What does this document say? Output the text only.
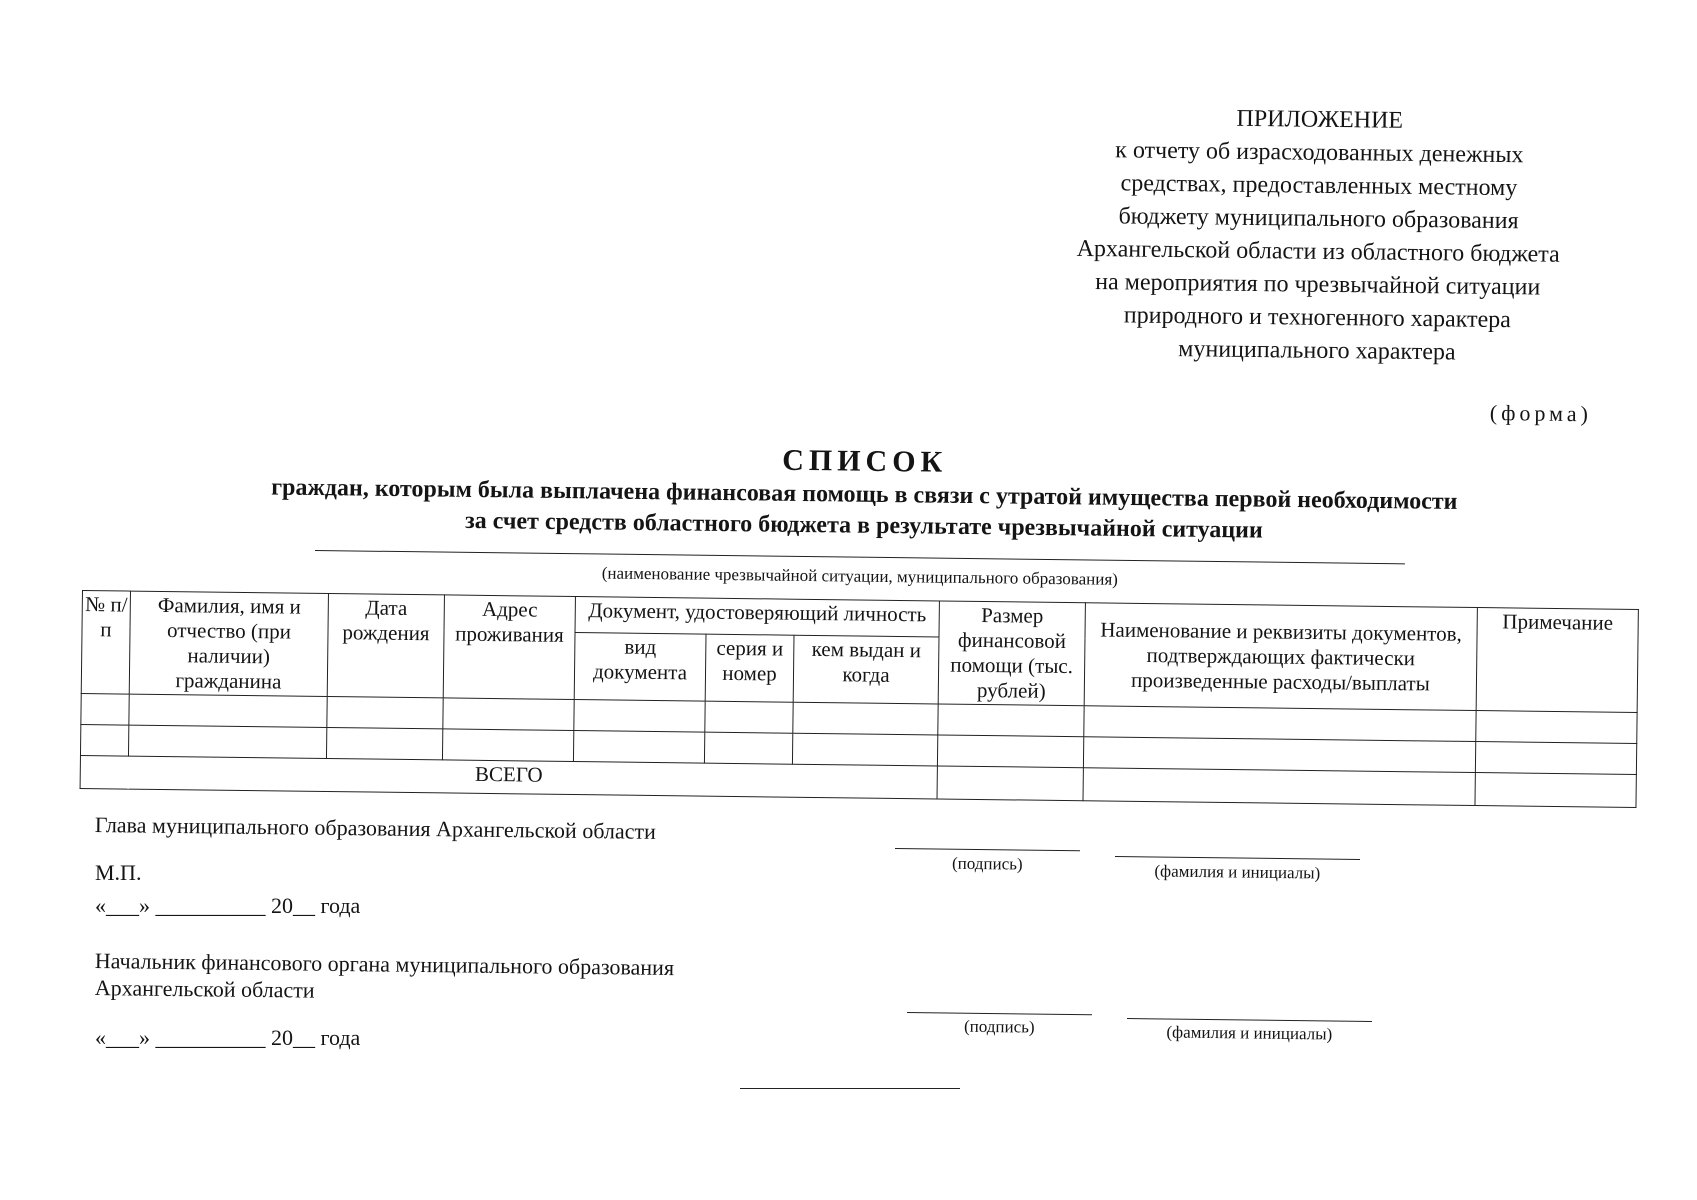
ПРИЛОЖЕНИЕ
к отчету об израсходованных денежных
средствах, предоставленных местному
бюджету муниципального образования
Архангельской области из областного бюджета
на мероприятия по чрезвычайной ситуации
природного и техногенного характера
муниципального характера
(форма)
СПИСОК
граждан, которым была выплачена финансовая помощь в связи с утратой имущества первой необходимости
за счет средств областного бюджета в результате чрезвычайной ситуации
(наименование чрезвычайной ситуации, муниципального образования)
№ п/п	Фамилия, имя и отчество (при наличии) гражданина	Дата рождения	Адрес проживания	Документ, удостоверяющий личность			Размер финансовой помощи (тыс. рублей)	Наименование и реквизиты документов, подтверждающих фактически произведенные расходы/выплаты	Примечание
				вид документа	серия и номер	кем выдан и когда			

ВСЕГО									
Глава муниципального образования Архангельской области
(подпись)	(фамилия и инициалы)
М.П.
«___» __________ 20__ года
Начальник финансового органа муниципального образования
Архангельской области
(подпись)	(фамилия и инициалы)
«___» __________ 20__ года
